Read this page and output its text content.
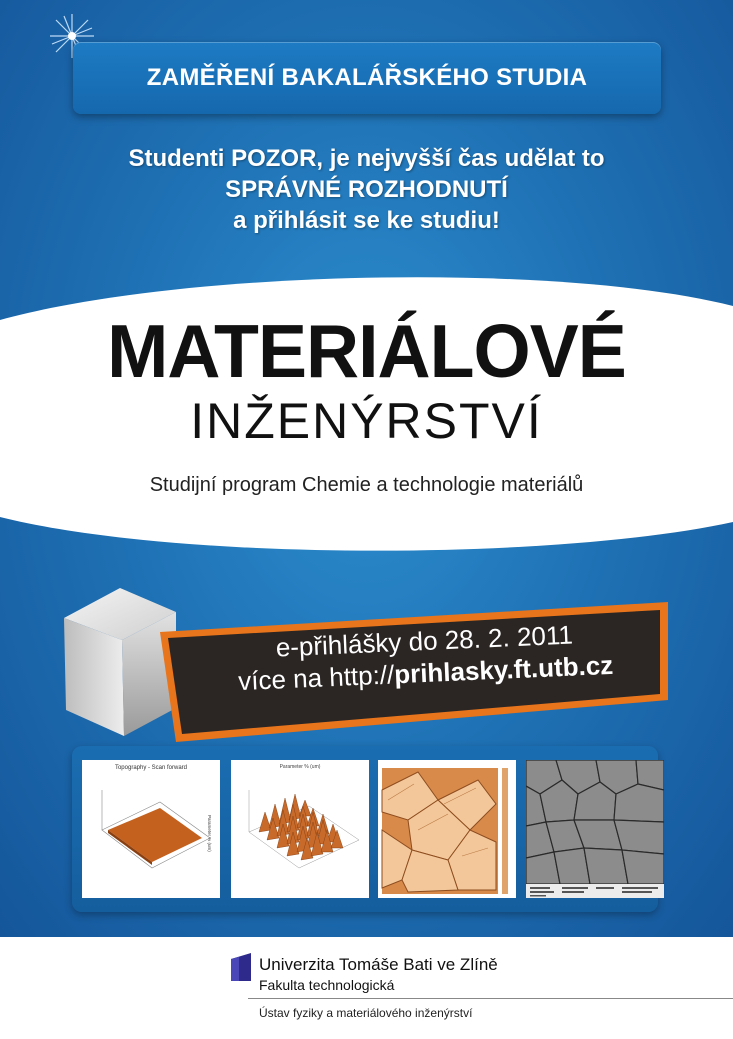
ZAMĚŘENÍ BAKALÁŘSKÉHO STUDIA
Studenti POZOR, je nejvyšší čas udělat to
SPRÁVNÉ ROZHODNUTÍ
a přihlásit se ke studiu!
MATERIÁLOVÉ
INŽENÝRSTVÍ
Studijní program Chemie a technologie materiálů
e-přihlášky do 28. 2. 2011
více na http://prihlasky.ft.utb.cz
Topography - Scan forward
Parameter % (um)
Parameter % (um)
Univerzita Tomáše Bati ve Zlíně
Fakulta technologická
Ústav fyziky a materiálového inženýrství
